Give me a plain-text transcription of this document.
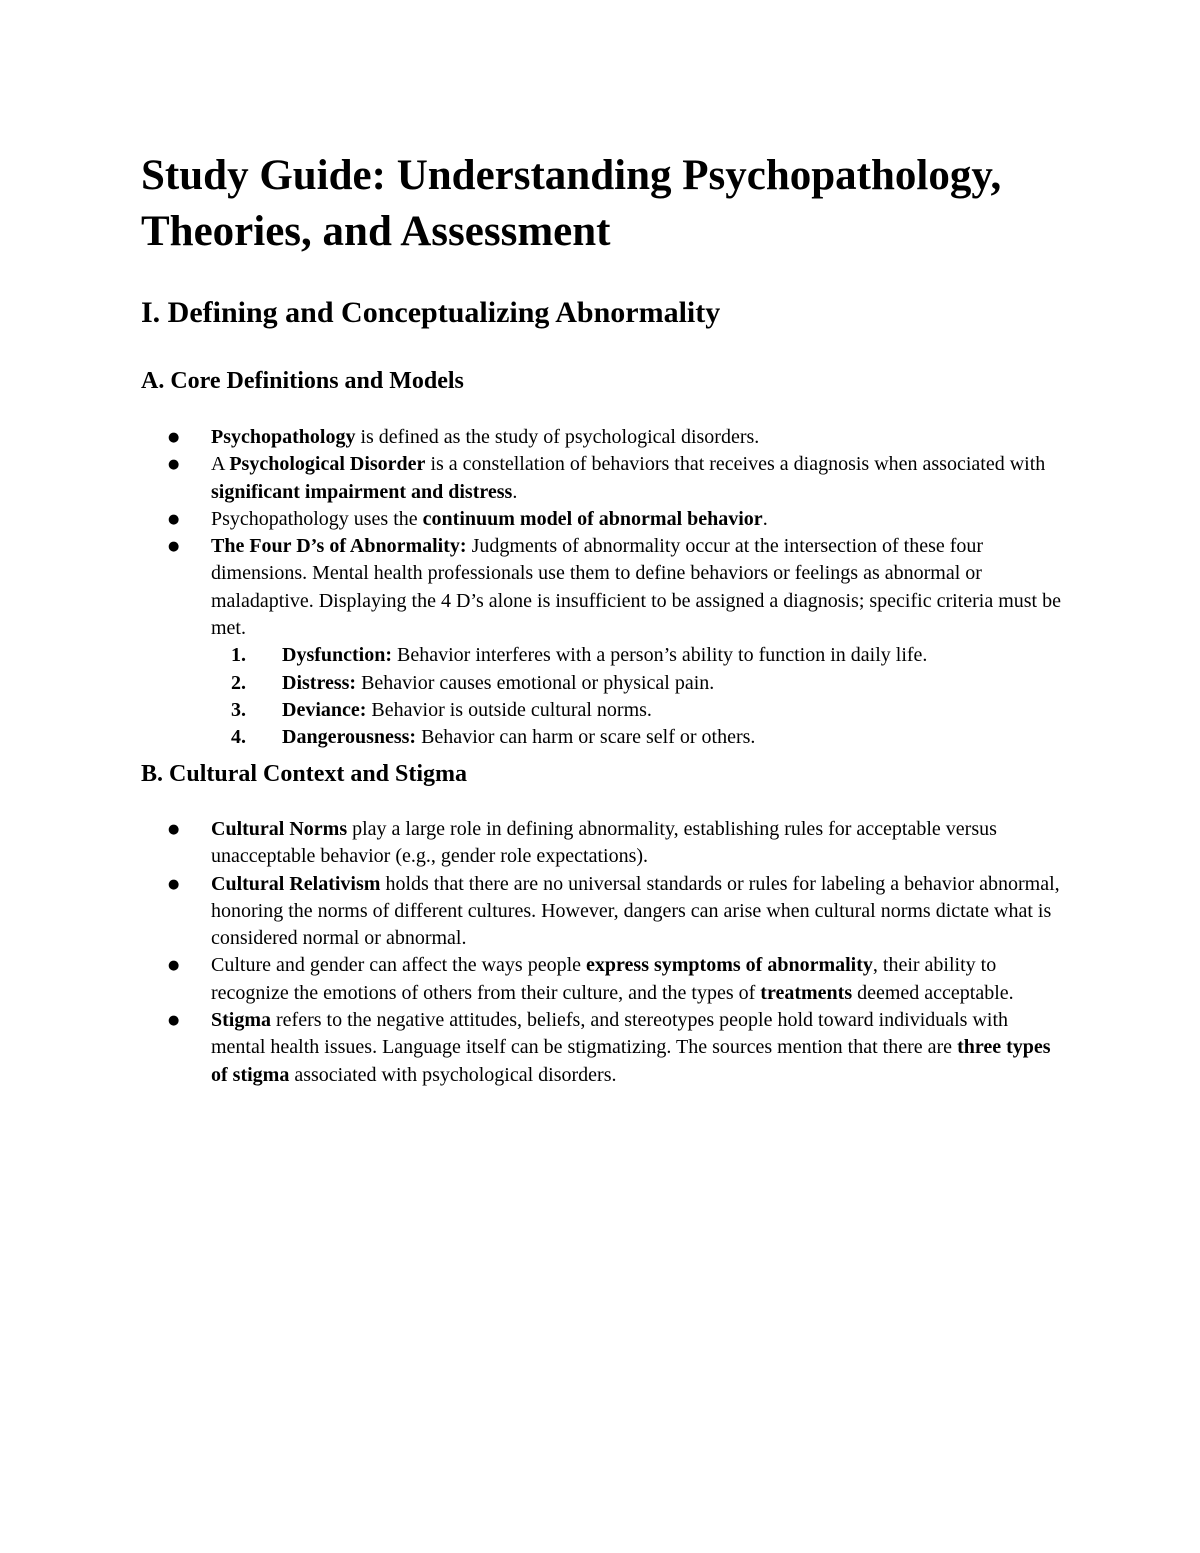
Study Guide: Understanding Psychopathology, Theories, and Assessment
I. Defining and Conceptualizing Abnormality
A. Core Definitions and Models
● Psychopathology is defined as the study of psychological disorders.
● A Psychological Disorder is a constellation of behaviors that receives a diagnosis when associated with significant impairment and distress.
● Psychopathology uses the continuum model of abnormal behavior.
● The Four D’s of Abnormality: Judgments of abnormality occur at the intersection of these four dimensions. Mental health professionals use them to define behaviors or feelings as abnormal or maladaptive. Displaying the 4 D’s alone is insufficient to be assigned a diagnosis; specific criteria must be met.
1. Dysfunction: Behavior interferes with a person’s ability to function in daily life.
2. Distress: Behavior causes emotional or physical pain.
3. Deviance: Behavior is outside cultural norms.
4. Dangerousness: Behavior can harm or scare self or others.
B. Cultural Context and Stigma
● Cultural Norms play a large role in defining abnormality, establishing rules for acceptable versus unacceptable behavior (e.g., gender role expectations).
● Cultural Relativism holds that there are no universal standards or rules for labeling a behavior abnormal, honoring the norms of different cultures. However, dangers can arise when cultural norms dictate what is considered normal or abnormal.
● Culture and gender can affect the ways people express symptoms of abnormality, their ability to recognize the emotions of others from their culture, and the types of treatments deemed acceptable.
● Stigma refers to the negative attitudes, beliefs, and stereotypes people hold toward individuals with mental health issues. Language itself can be stigmatizing. The sources mention that there are three types of stigma associated with psychological disorders.
